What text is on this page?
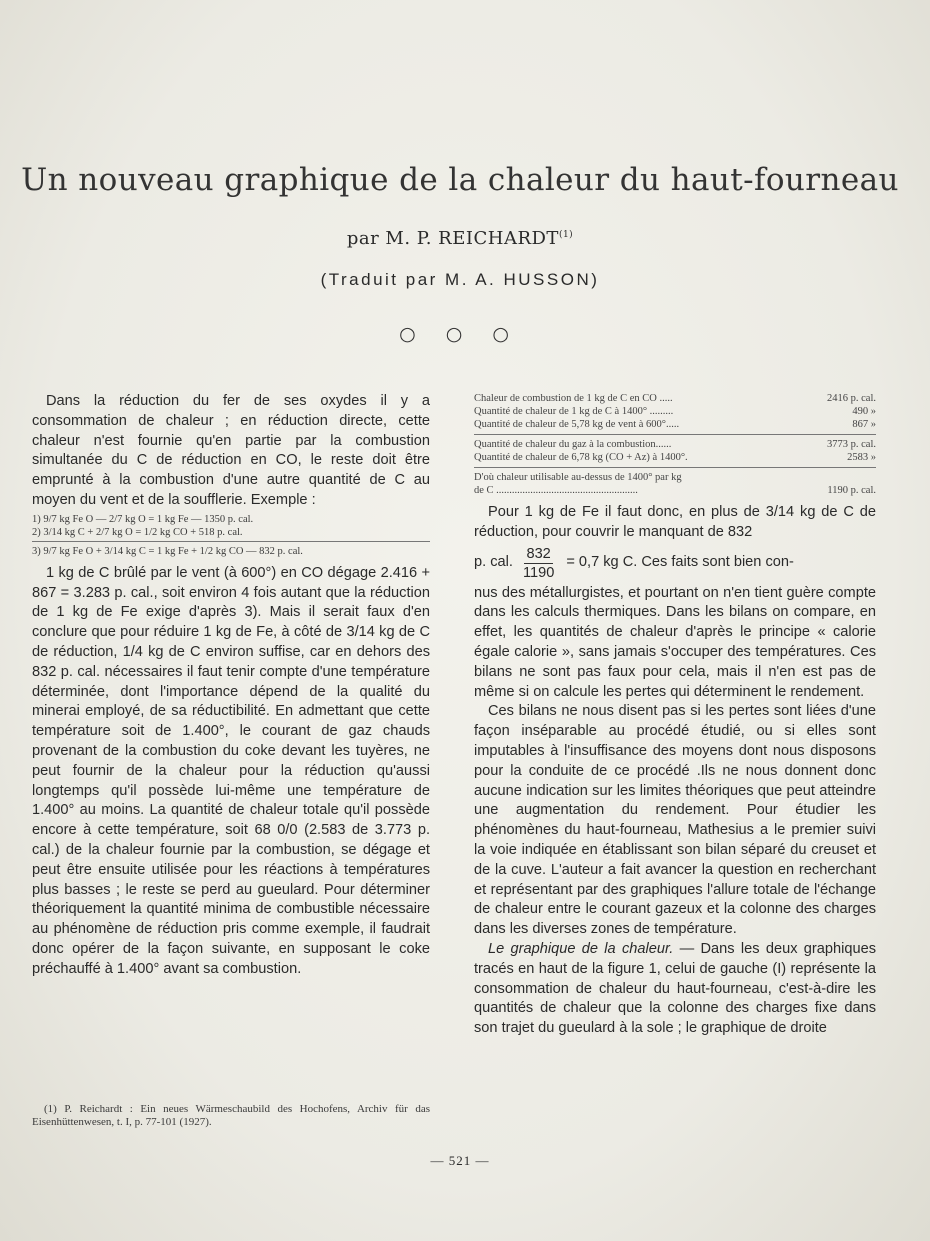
Un nouveau graphique de la chaleur du haut-fourneau

par M. P. REICHARDT$^{(1)}$

(Traduit par M. A. HUSSON)

○ ○ ○

Dans la réduction du fer de ses oxydes il y a consommation de chaleur ; en réduction directe, cette chaleur n'est fournie qu'en partie par la combustion simultanée du C de réduction en CO, le reste doit être emprunté à la combustion d'une autre quantité de C au moyen du vent et de la soufflerie. Exemple :

1) 9/7 kg Fe O — 2/7 kg O = 1 kg Fe — 1350 p. cal.
2) 3/14 kg C + 2/7 kg O = 1/2 kg CO + 518 p. cal.
3) 9/7 kg Fe O + 3/14 kg C = 1 kg Fe + 1/2 kg CO — 832 p. cal.

1 kg de C brûlé par le vent (à 600°) en CO dégage 2.416 + 867 = 3.283 p. cal., soit environ 4 fois autant que la réduction de 1 kg de Fe exige d'après 3). Mais il serait faux d'en conclure que pour réduire 1 kg de Fe, à côté de 3/14 kg de C de réduction, 1/4 kg de C environ suffise, car en dehors des 832 p. cal. nécessaires il faut tenir compte d'une température déterminée, dont l'importance dépend de la qualité du minerai employé, de sa réductibilité. En admettant que cette température soit de 1.400°, le courant de gaz chauds provenant de la combustion du coke devant les tuyères, ne peut fournir de la chaleur pour la réduction qu'aussi longtemps qu'il possède lui-même une température de 1.400° au moins. La quantité de chaleur totale qu'il possède encore à cette température, soit 68 0/0 (2.583 de 3.773 p. cal.) de la chaleur fournie par la combustion, se dégage et peut être ensuite utilisée pour les réactions à températures plus basses ; le reste se perd au gueulard. Pour déterminer théoriquement la quantité minima de combustible nécessaire au phénomène de réduction pris comme exemple, il faudrait donc opérer de la façon suivante, en supposant le coke préchauffé à 1.400° avant sa combustion.

(1) P. Reichardt : Ein neues Wärmeschaubild des Hochofens, Archiv für das Eisenhüttenwesen, t. I, p. 77-101 (1927).

Chaleur de combustion de 1 kg de C en CO .....	2416 p. cal.
Quantité de chaleur de 1 kg de C à 1400° .........	490 »
Quantité de chaleur de 5,78 kg de vent à 600°.....	867 »
Quantité de chaleur du gaz à la combustion......	3773 p. cal.
Quantité de chaleur de 6,78 kg (CO + Az) à 1400°.	2583 »
D'où chaleur utilisable au-dessus de 1400° par kg
de C ......................................................	1190 p. cal.

Pour 1 kg de Fe il faut donc, en plus de 3/14 kg de C de réduction, pour couvrir le manquant de 832

p. cal. $\frac{832}{1190} = 0,7$ kg C. Ces faits sont bien con-

nus des métallurgistes, et pourtant on n'en tient guère compte dans les calculs thermiques. Dans les bilans on compare, en effet, les quantités de chaleur d'après le principe « calorie égale calorie », sans jamais s'occuper des températures. Ces bilans ne sont pas faux pour cela, mais il n'en est pas de même si on calcule les pertes qui déterminent le rendement.

Ces bilans ne nous disent pas si les pertes sont liées d'une façon inséparable au procédé étudié, ou si elles sont imputables à l'insuffisance des moyens dont nous disposons pour la conduite de ce procédé .Ils ne nous donnent donc aucune indication sur les limites théoriques que peut atteindre une augmentation du rendement. Pour étudier les phénomènes du haut-fourneau, Mathesius a le premier suivi la voie indiquée en établissant son bilan séparé du creuset et de la cuve. L'auteur a fait avancer la question en recherchant et représentant par des graphiques l'allure totale de l'échange de chaleur entre le courant gazeux et la colonne des charges dans les diverses zones de température.

Le graphique de la chaleur. — Dans les deux graphiques tracés en haut de la figure 1, celui de gauche (I) représente la consommation de chaleur du haut-fourneau, c'est-à-dire les quantités de chaleur que la colonne des charges fixe dans son trajet du gueulard à la sole ; le graphique de droite

— 521 —
